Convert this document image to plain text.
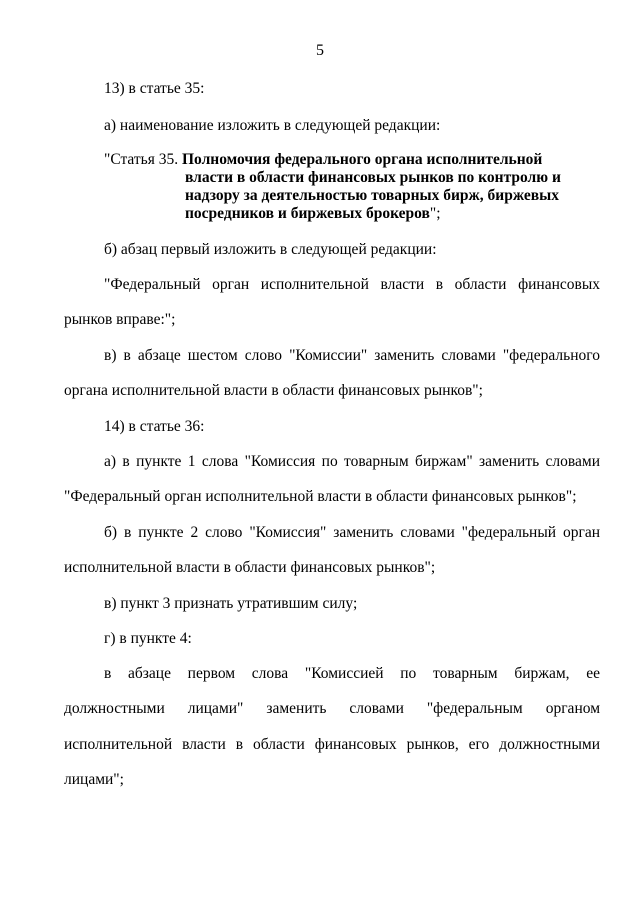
5
13) в статье 35:
а) наименование изложить в следующей редакции:
"Статья 35. Полномочия федерального органа исполнительной
власти в области финансовых рынков по контролю и
надзору за деятельностью товарных бирж, биржевых
посредников и биржевых брокеров";
б) абзац первый изложить в следующей редакции:
"Федеральный орган исполнительной власти в области финансовых
рынков вправе:";
в) в абзаце шестом слово "Комиссии" заменить словами "федерального
органа исполнительной власти в области финансовых рынков";
14) в статье 36:
а) в пункте 1 слова "Комиссия по товарным биржам" заменить словами
"Федеральный орган исполнительной власти в области финансовых рынков";
б) в пункте 2 слово "Комиссия" заменить словами "федеральный орган
исполнительной власти в области финансовых рынков";
в) пункт 3 признать утратившим силу;
г) в пункте 4:
в абзаце первом слова "Комиссией по товарным биржам, ее
должностными лицами" заменить словами "федеральным органом
исполнительной власти в области финансовых рынков, его должностными
лицами";
